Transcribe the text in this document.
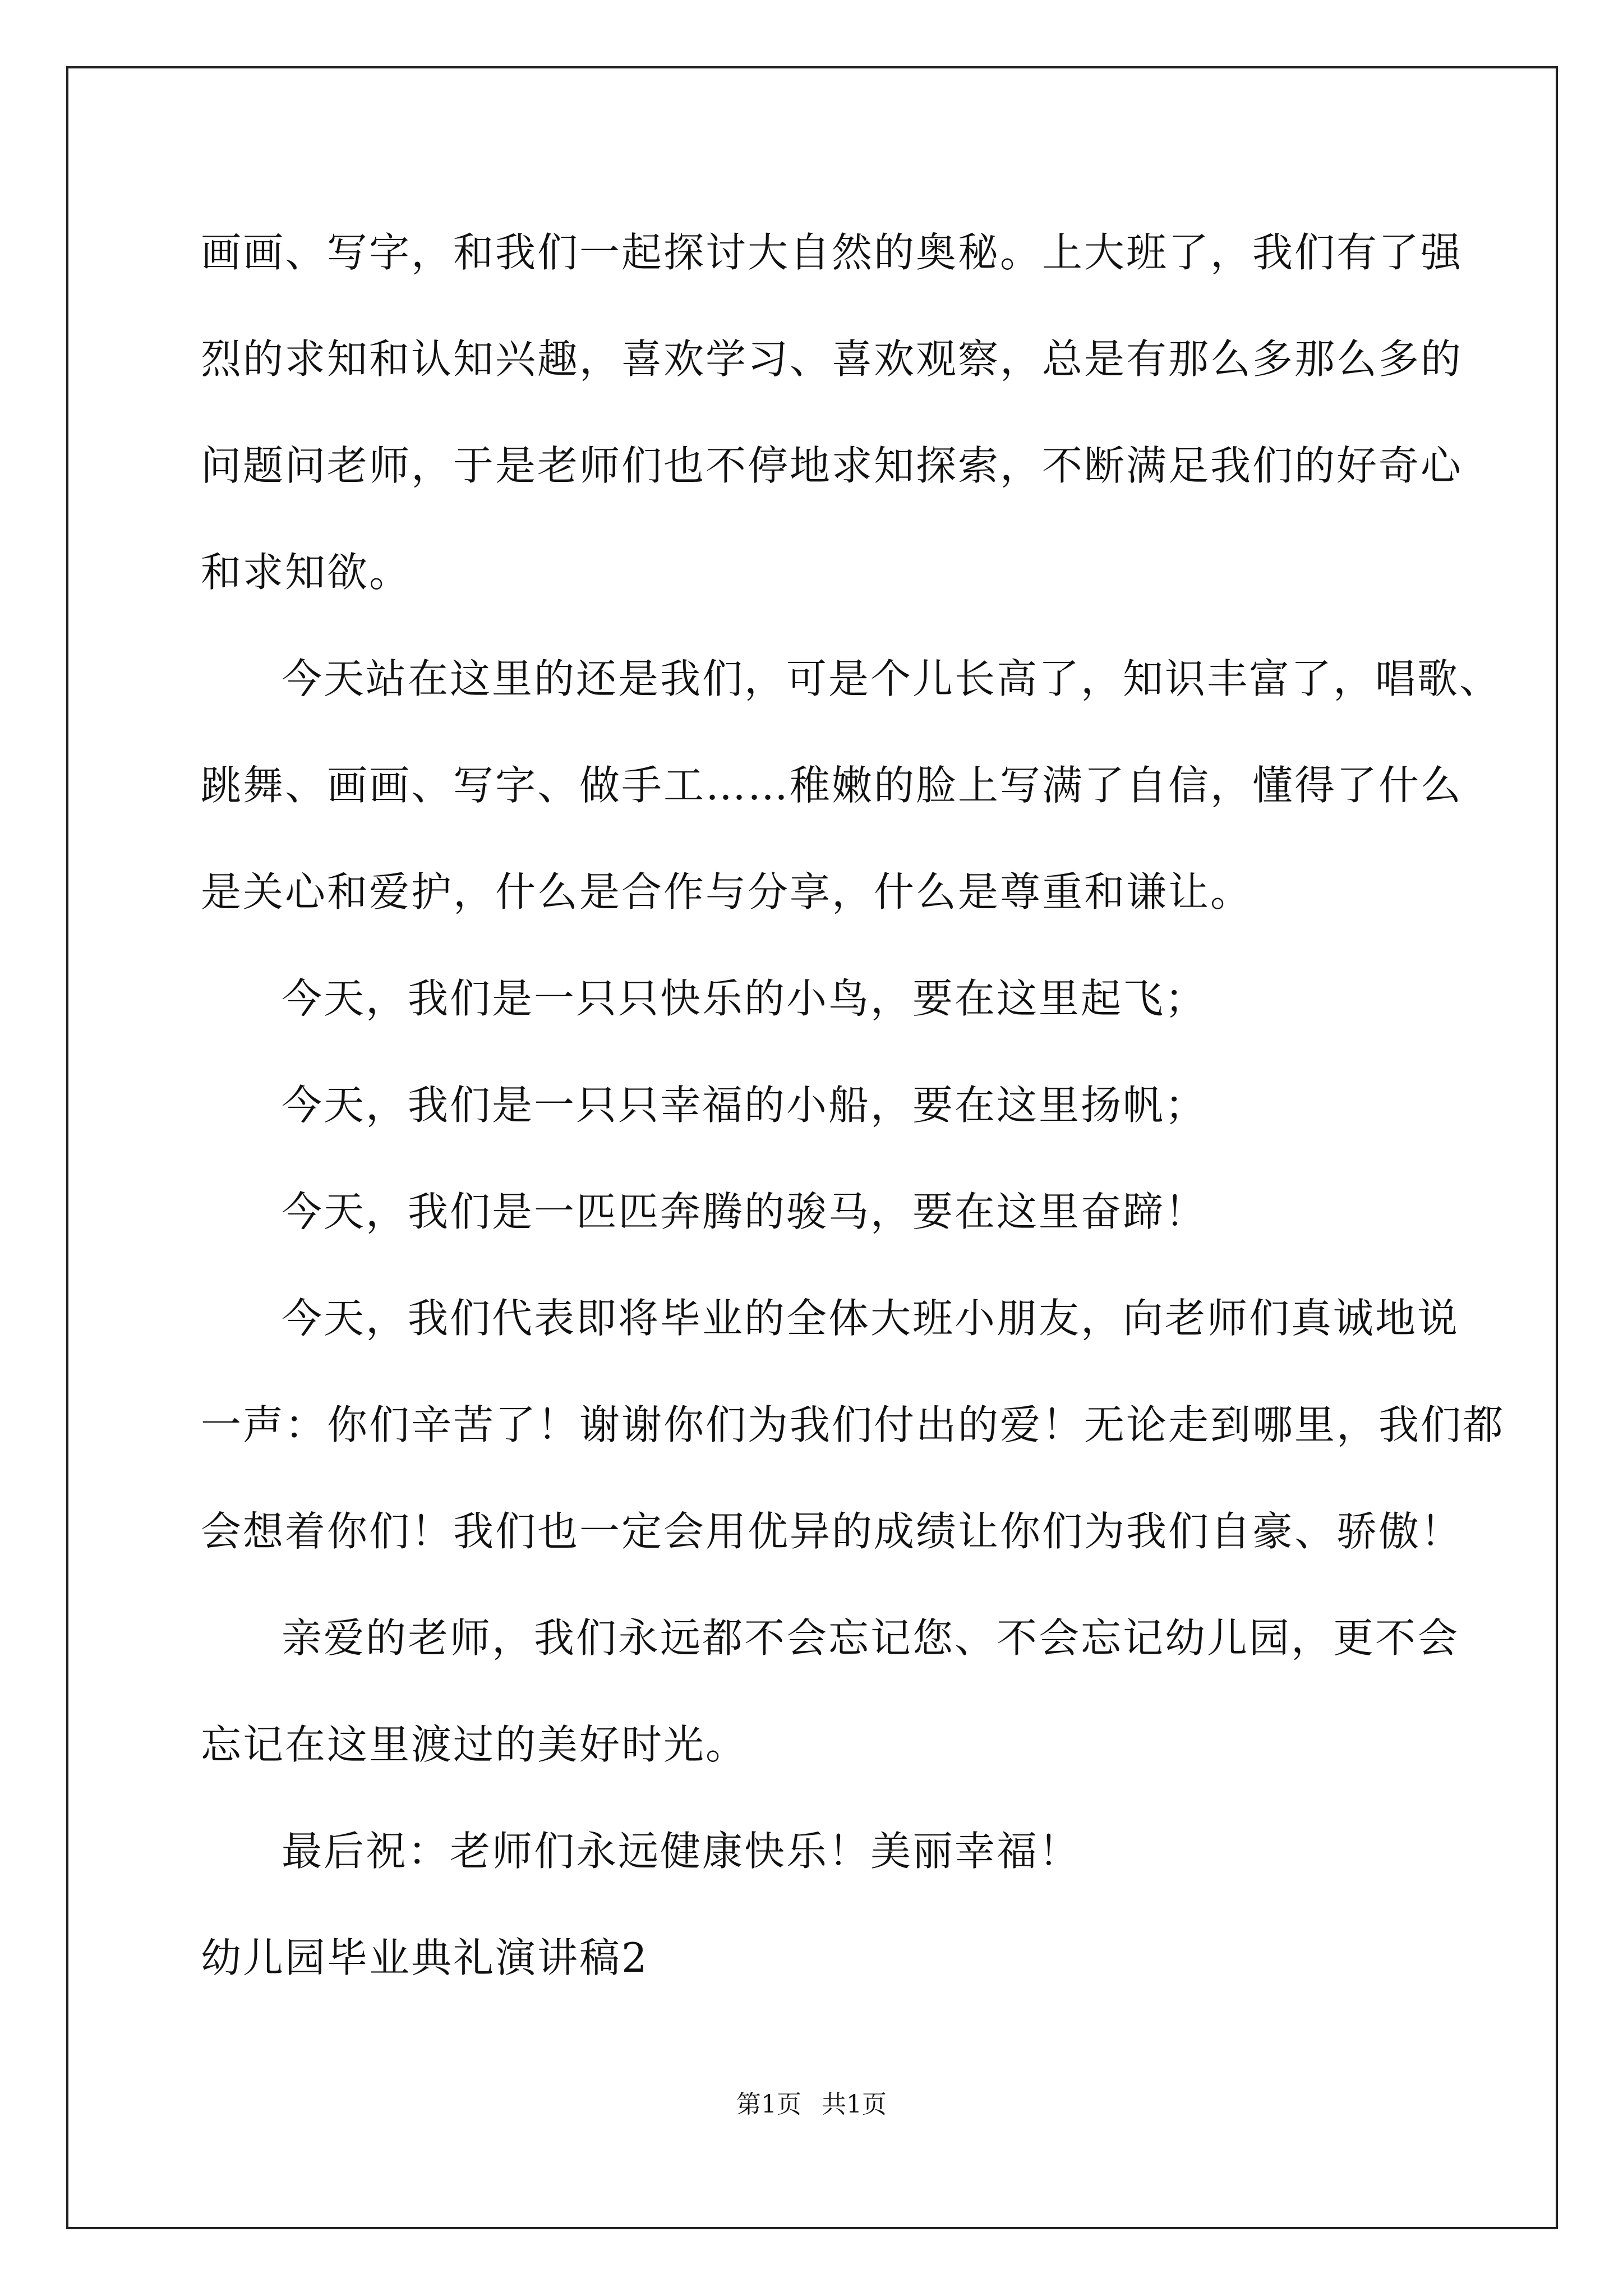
画画、写字，和我们一起探讨大自然的奥秘。上大班了，我们有了强
烈的求知和认知兴趣，喜欢学习、喜欢观察，总是有那么多那么多的
问题问老师，于是老师们也不停地求知探索，不断满足我们的好奇心
和求知欲。
今天站在这里的还是我们，可是个儿长高了，知识丰富了，唱歌、
跳舞、画画、写字、做手工……稚嫩的脸上写满了自信，懂得了什么
是关心和爱护，什么是合作与分享，什么是尊重和谦让。
今天，我们是一只只快乐的小鸟，要在这里起飞；
今天，我们是一只只幸福的小船，要在这里扬帆；
今天，我们是一匹匹奔腾的骏马，要在这里奋蹄！
今天，我们代表即将毕业的全体大班小朋友，向老师们真诚地说
一声：你们辛苦了！谢谢你们为我们付出的爱！无论走到哪里，我们都
会想着你们！我们也一定会用优异的成绩让你们为我们自豪、骄傲！
亲爱的老师，我们永远都不会忘记您、不会忘记幼儿园，更不会
忘记在这里渡过的美好时光。
最后祝：老师们永远健康快乐！美丽幸福！
幼儿园毕业典礼演讲稿2
第1页 共1页
